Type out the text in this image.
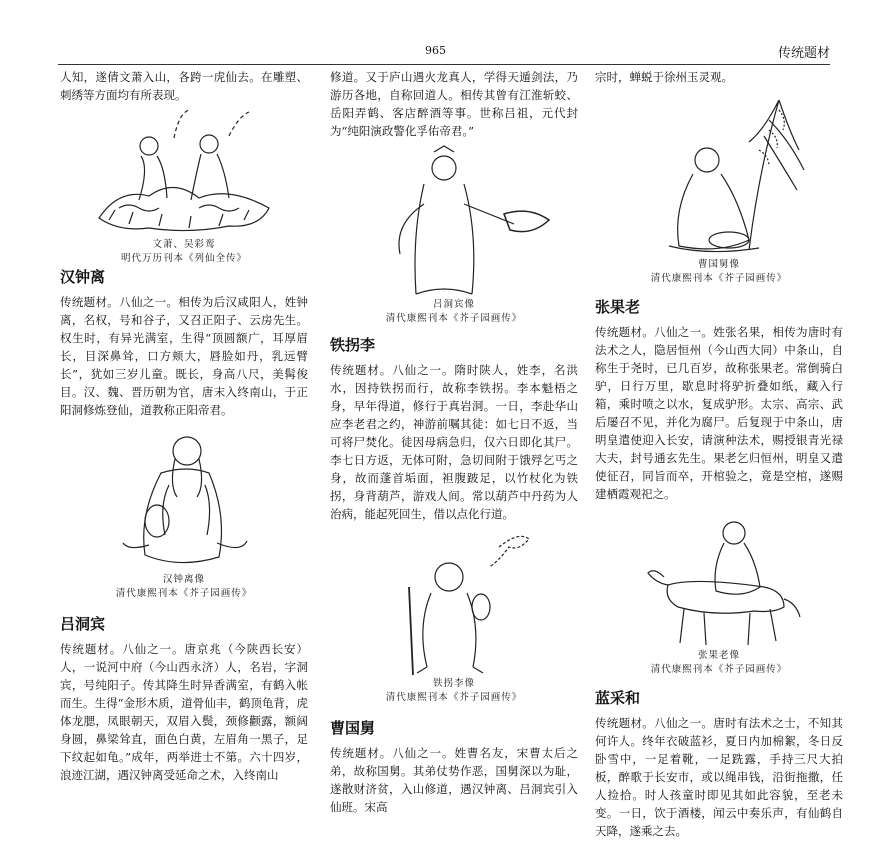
965	传统题材

人知，遂倩文萧入山，各跨一虎仙去。在雕塑、刺绣等方面均有所表现。

文萧、吴彩鸾
明代万历刊本《列仙全传》
汉钟离

传统题材。八仙之一。相传为后汉咸阳人，姓钟离，名权，号和谷子，又召正阳子、云房先生。权生时，有异光满室，生得“顶圆额广，耳厚眉长，目深鼻耸，口方颊大，唇脸如丹，乳远臂长”，犹如三岁儿童。既长，身高八尺，美髯俊目。汉、魏、晋历朝为官，唐末入终南山，于正阳洞修炼登仙，道教称正阳帝君。

汉钟离像
清代康熙刊本《芥子园画传》
吕洞宾

传统题材。八仙之一。唐京兆（今陕西长安）人，一说河中府（今山西永济）人，名岩，字洞宾，号纯阳子。传其降生时异香满室，有鹤入帐而生。生得“金形木质，道骨仙丰，鹤顶龟背，虎体龙腮，凤眼朝天，双眉入鬓，颈修颧露，额阔身圆，鼻梁耸直，面色白黄，左眉角一黑子，足下纹起如龟。”成年，两举进士不第。六十四岁，浪迹江湖，遇汉钟离受延命之术，入终南山

修道。又于庐山遇火龙真人，学得天遁剑法，乃游历各地，自称回道人。相传其曾有江淮斩蛟、岳阳弄鹤、客店醉酒等事。世称吕祖，元代封为“纯阳演政警化孚佑帝君。”

吕洞宾像
清代康熙刊本《芥子园画传》
铁拐李

传统题材。八仙之一。隋时陕人，姓李，名洪水，因持铁拐而行，故称李铁拐。李本魁梧之身，早年得道，修行于真岩洞。一日，李赴华山应李老君之约，神游前嘱其徒：如七日不返，当可将尸焚化。徒因母病急归，仅六日即化其尸。李七日方返，无体可附，急切间附于饿殍乞丐之身，故而蓬首垢面，袒腹跛足，以竹杖化为铁拐，身背葫芦，游戏人间。常以葫芦中丹药为人治病，能起死回生，借以点化行道。

铁拐李像
清代康熙刊本《芥子园画传》
曹国舅

传统题材。八仙之一。姓曹名友，宋曹太后之弟，故称国舅。其弟仗势作恶，国舅深以为耻，遂散财济贫，入山修道，遇汉钟离、吕洞宾引入仙班。宋高

宗时，蝉蜕于徐州玉灵观。

曹国舅像
清代康熙刊本《芥子园画传》
张果老

传统题材。八仙之一。姓张名果，相传为唐时有法术之人，隐居恒州（今山西大同）中条山，自称生于尧时，已几百岁，故称张果老。常倒骑白驴，日行万里，歇息时将驴折叠如纸，藏入行箱，乘时喷之以水，复成驴形。太宗、高宗、武后屡召不见，并化为腐尸。后复现于中条山，唐明皇遣使迎入长安，请演种法术，赐授银青光禄大夫，封号通玄先生。果老乞归恒州，明皇又遣使征召，同旨而卒，开棺验之，竟是空棺，遂赐建栖霞观祀之。

张果老像
清代康熙刊本《芥子园画传》
蓝采和

传统题材。八仙之一。唐时有法术之士，不知其何许人。终年衣破蓝衫，夏日内加棉絮，冬日反卧雪中，一足着靴，一足跣露，手持三尺大拍板，醉歌于长安市，或以绳串钱，沿街拖撒，任人捡拾。时人孩童时即见其如此容貌，至老未变。一日，饮于酒楼，闻云中奏乐声，有仙鹤自天降，遂乘之去。
